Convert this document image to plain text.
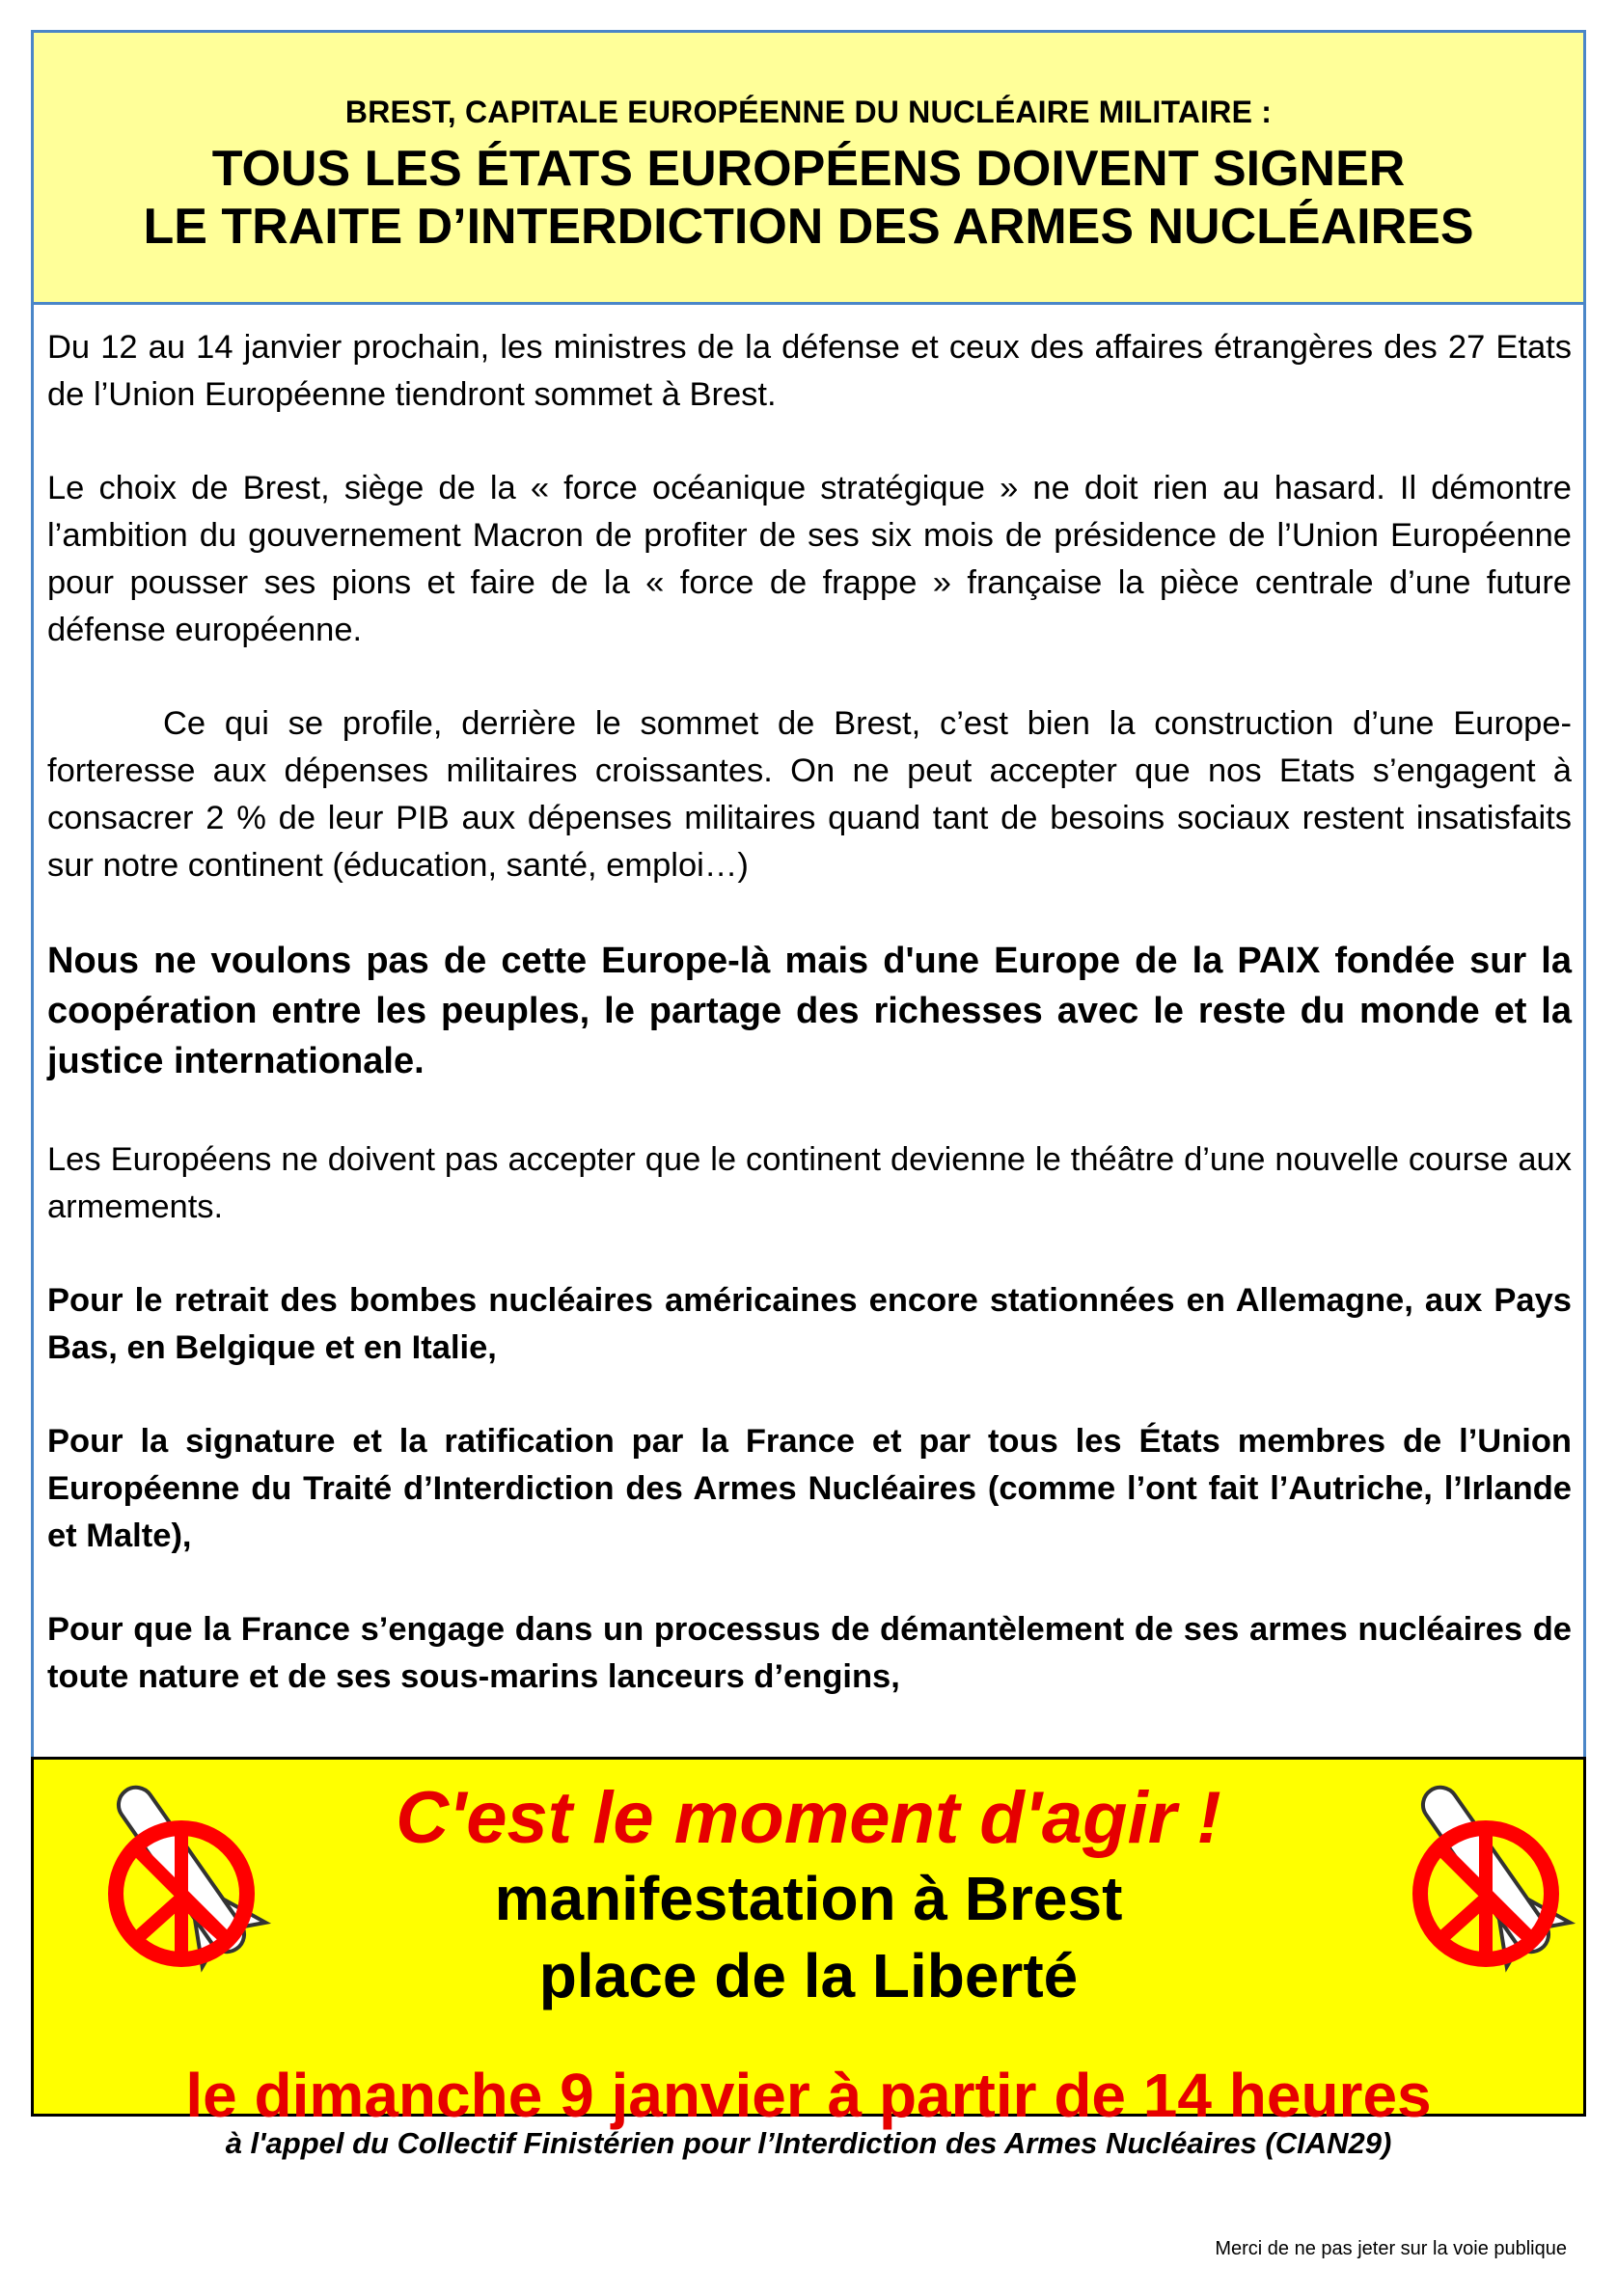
BREST, CAPITALE EUROPÉENNE DU NUCLÉAIRE MILITAIRE :
TOUS LES ÉTATS EUROPÉENS DOIVENT SIGNER
LE TRAITE D’INTERDICTION DES ARMES NUCLÉAIRES

Du 12 au 14 janvier prochain, les ministres de la défense et ceux des affaires étrangères des 27 Etats de l’Union Européenne tiendront sommet à Brest.

Le choix de Brest, siège de la « force océanique stratégique » ne doit rien au hasard. Il démontre l’ambition du gouvernement Macron de profiter de ses six mois de présidence de l’Union Européenne pour pousser ses pions et faire de la « force de frappe » française la pièce centrale d’une future défense européenne.

Ce qui se profile, derrière le sommet de Brest, c’est bien la construction d’une Europe-forteresse aux dépenses militaires croissantes. On ne peut accepter que nos Etats s’engagent à consacrer 2 % de leur PIB aux dépenses militaires quand tant de besoins sociaux restent insatisfaits sur notre continent (éducation, santé, emploi…)

Nous ne voulons pas de cette Europe-là mais d'une Europe de la PAIX fondée sur la coopération entre les peuples, le partage des richesses avec le reste du monde et la justice internationale.

Les Européens ne doivent pas accepter que le continent devienne le théâtre d’une nouvelle course aux armements.

Pour le retrait des bombes nucléaires américaines encore stationnées en Allemagne, aux Pays Bas, en Belgique et en Italie,

Pour la signature et la ratification par la France et par tous les États membres de l’Union Européenne du Traité d’Interdiction des Armes Nucléaires (comme l’ont fait l’Autriche, l’Irlande et Malte),

Pour que la France s’engage dans un processus de démantèlement de ses armes nucléaires de toute nature et de ses sous-marins lanceurs d’engins,

C'est le moment d'agir !
manifestation à Brest
place de la Liberté
le dimanche 9 janvier à partir de 14 heures
à l'appel du Collectif Finistérien pour l’Interdiction des Armes Nucléaires (CIAN29)
Merci de ne pas jeter sur la voie publique
